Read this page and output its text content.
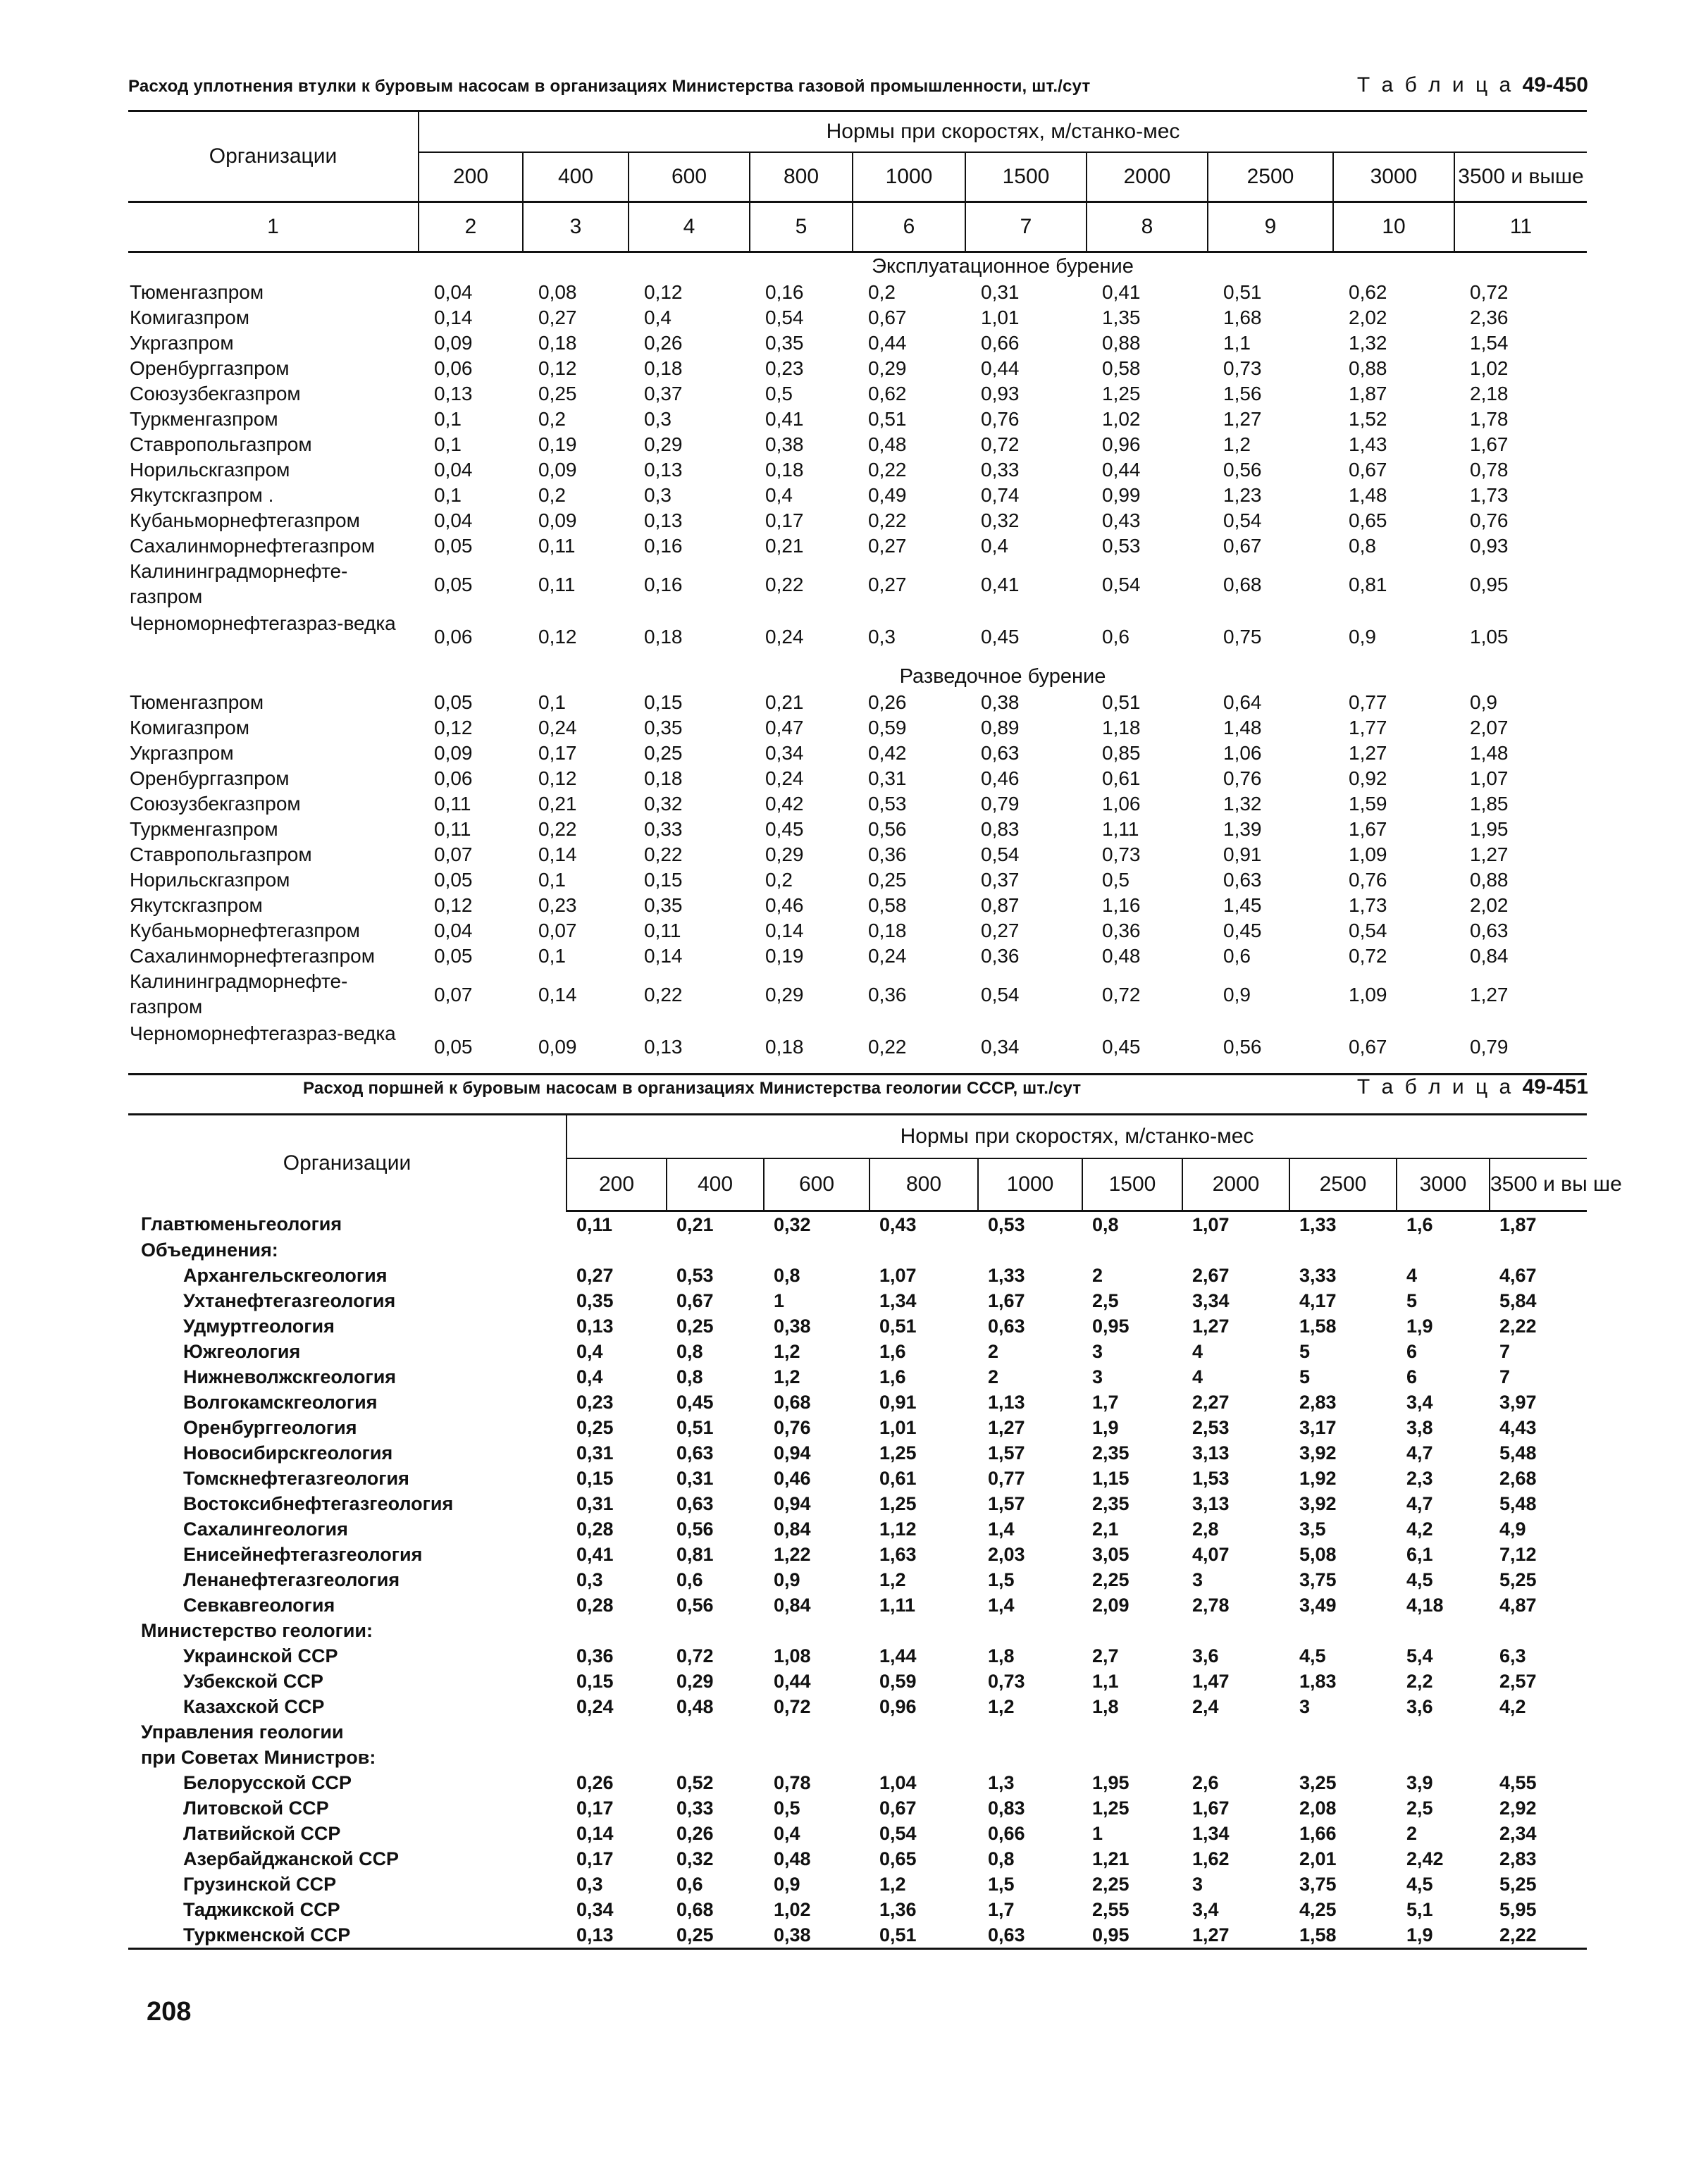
Расход уплотнения втулки к буровым насосам в организациях Министерства газовой промышленности, шт./сут	Т а б л и ц а 49-450
Организации	Нормы при скоростях, м/станко-мес									
	200	400	600	800	1000	1500	2000	2500	3000	3500 и выше
1	2	3	4	5	6	7	8	9	10	11
	Эксплуатационное бурение									
Тюменгазпром	0,04	0,08	0,12	0,16	0,2	0,31	0,41	0,51	0,62	0,72
Комигазпром	0,14	0,27	0,4	0,54	0,67	1,01	1,35	1,68	2,02	2,36
Укргазпром	0,09	0,18	0,26	0,35	0,44	0,66	0,88	1,1	1,32	1,54
Оренбурггазпром	0,06	0,12	0,18	0,23	0,29	0,44	0,58	0,73	0,88	1,02
Союзузбекгазпром	0,13	0,25	0,37	0,5	0,62	0,93	1,25	1,56	1,87	2,18
Туркменгазпром	0,1	0,2	0,3	0,41	0,51	0,76	1,02	1,27	1,52	1,78
Ставропольгазпром	0,1	0,19	0,29	0,38	0,48	0,72	0,96	1,2	1,43	1,67
Норильскгазпром	0,04	0,09	0,13	0,18	0,22	0,33	0,44	0,56	0,67	0,78
Якутскгазпром .	0,1	0,2	0,3	0,4	0,49	0,74	0,99	1,23	1,48	1,73
Кубаньморнефтегазпром	0,04	0,09	0,13	0,17	0,22	0,32	0,43	0,54	0,65	0,76
Сахалинморнефтегазпром	0,05	0,11	0,16	0,21	0,27	0,4	0,53	0,67	0,8	0,93
Калининградморнефте-газпром	0,05	0,11	0,16	0,22	0,27	0,41	0,54	0,68	0,81	0,95
Черноморнефтегазраз-ведка	0,06	0,12	0,18	0,24	0,3	0,45	0,6	0,75	0,9	1,05
	Разведочное бурение									
Тюменгазпром	0,05	0,1	0,15	0,21	0,26	0,38	0,51	0,64	0,77	0,9
Комигазпром	0,12	0,24	0,35	0,47	0,59	0,89	1,18	1,48	1,77	2,07
Укргазпром	0,09	0,17	0,25	0,34	0,42	0,63	0,85	1,06	1,27	1,48
Оренбурггазпром	0,06	0,12	0,18	0,24	0,31	0,46	0,61	0,76	0,92	1,07
Союзузбекгазпром	0,11	0,21	0,32	0,42	0,53	0,79	1,06	1,32	1,59	1,85
Туркменгазпром	0,11	0,22	0,33	0,45	0,56	0,83	1,11	1,39	1,67	1,95
Ставропольгазпром	0,07	0,14	0,22	0,29	0,36	0,54	0,73	0,91	1,09	1,27
Норильскгазпром	0,05	0,1	0,15	0,2	0,25	0,37	0,5	0,63	0,76	0,88
Якутскгазпром	0,12	0,23	0,35	0,46	0,58	0,87	1,16	1,45	1,73	2,02
Кубаньморнефтегазпром	0,04	0,07	0,11	0,14	0,18	0,27	0,36	0,45	0,54	0,63
Сахалинморнефтегазпром	0,05	0,1	0,14	0,19	0,24	0,36	0,48	0,6	0,72	0,84
Калининградморнефте-газпром	0,07	0,14	0,22	0,29	0,36	0,54	0,72	0,9	1,09	1,27
Черноморнефтегазраз-ведка	0,05	0,09	0,13	0,18	0,22	0,34	0,45	0,56	0,67	0,79
Расход поршней к буровым насосам в организациях Министерства геологии СССР, шт./сут	Т а б л и ц а 49-451
Организации	Нормы при скоростях, м/станко-мес									
	200	400	600	800	1000	1500	2000	2500	3000	3500 и вы ше
Главтюменьгеология	0,11	0,21	0,32	0,43	0,53	0,8	1,07	1,33	1,6	1,87
Объединения:										
Архангельскгеология	0,27	0,53	0,8	1,07	1,33	2	2,67	3,33	4	4,67
Ухтанефтегазгеология	0,35	0,67	1	1,34	1,67	2,5	3,34	4,17	5	5,84
Удмуртгеология	0,13	0,25	0,38	0,51	0,63	0,95	1,27	1,58	1,9	2,22
Южгеология	0,4	0,8	1,2	1,6	2	3	4	5	6	7
Нижневолжскгеология	0,4	0,8	1,2	1,6	2	3	4	5	6	7
Волгокамскгеология	0,23	0,45	0,68	0,91	1,13	1,7	2,27	2,83	3,4	3,97
Оренбурггеология	0,25	0,51	0,76	1,01	1,27	1,9	2,53	3,17	3,8	4,43
Новосибирскгеология	0,31	0,63	0,94	1,25	1,57	2,35	3,13	3,92	4,7	5,48
Томскнефтегазгеология	0,15	0,31	0,46	0,61	0,77	1,15	1,53	1,92	2,3	2,68
Востоксибнефтегазгеология	0,31	0,63	0,94	1,25	1,57	2,35	3,13	3,92	4,7	5,48
Сахалингеология	0,28	0,56	0,84	1,12	1,4	2,1	2,8	3,5	4,2	4,9
Енисейнефтегазгеология	0,41	0,81	1,22	1,63	2,03	3,05	4,07	5,08	6,1	7,12
Ленанефтегазгеология	0,3	0,6	0,9	1,2	1,5	2,25	3	3,75	4,5	5,25
Севкавгеология	0,28	0,56	0,84	1,11	1,4	2,09	2,78	3,49	4,18	4,87
Министерство геологии:										
Украинской ССР	0,36	0,72	1,08	1,44	1,8	2,7	3,6	4,5	5,4	6,3
Узбекской ССР	0,15	0,29	0,44	0,59	0,73	1,1	1,47	1,83	2,2	2,57
Казахской ССР	0,24	0,48	0,72	0,96	1,2	1,8	2,4	3	3,6	4,2
Управления геологии										
при Советах Министров:										
Белорусской ССР	0,26	0,52	0,78	1,04	1,3	1,95	2,6	3,25	3,9	4,55
Литовской ССР	0,17	0,33	0,5	0,67	0,83	1,25	1,67	2,08	2,5	2,92
Латвийской ССР	0,14	0,26	0,4	0,54	0,66	1	1,34	1,66	2	2,34
Азербайджанской ССР	0,17	0,32	0,48	0,65	0,8	1,21	1,62	2,01	2,42	2,83
Грузинской ССР	0,3	0,6	0,9	1,2	1,5	2,25	3	3,75	4,5	5,25
Таджикской ССР	0,34	0,68	1,02	1,36	1,7	2,55	3,4	4,25	5,1	5,95
Туркменской ССР	0,13	0,25	0,38	0,51	0,63	0,95	1,27	1,58	1,9	2,22
208
